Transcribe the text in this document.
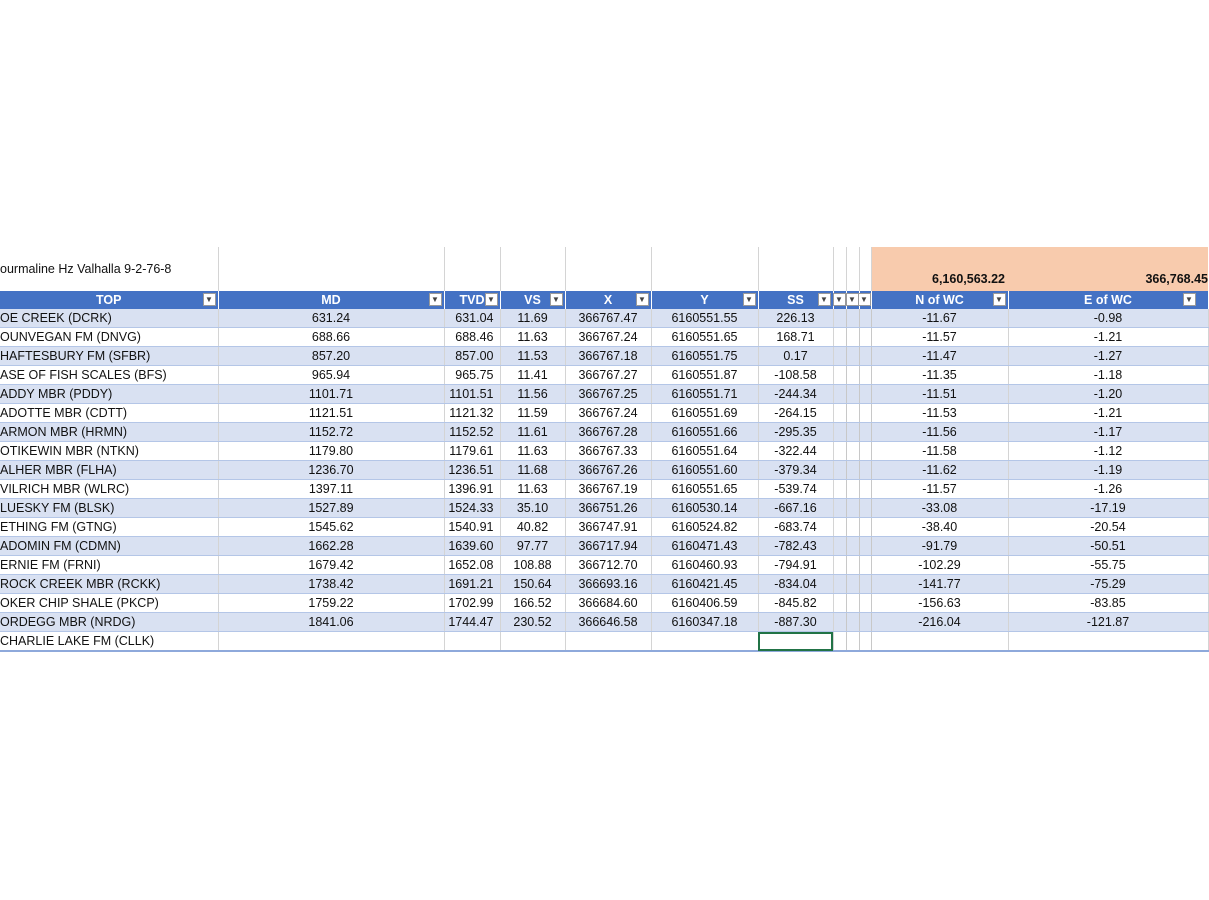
ourmaline Hz Valhalla 9-2-76-8										6,160,563.22	366,768.45
TOP ▼	MD ▼	TVD ▼	VS ▼	X ▼	Y ▼	SS ▼	▼	▼	▼	N of WC ▼	E of WC ▼

OE CREEK (DCRK)	631.24	631.04	11.69	366767.47	6160551.55	226.13				-11.67	-0.98
OUNVEGAN FM (DNVG)	688.66	688.46	11.63	366767.24	6160551.65	168.71				-11.57	-1.21
HAFTESBURY FM (SFBR)	857.20	857.00	11.53	366767.18	6160551.75	0.17				-11.47	-1.27
ASE OF FISH SCALES (BFS)	965.94	965.75	11.41	366767.27	6160551.87	-108.58				-11.35	-1.18
ADDY MBR (PDDY)	1101.71	1101.51	11.56	366767.25	6160551.71	-244.34				-11.51	-1.20
ADOTTE MBR (CDTT)	1121.51	1121.32	11.59	366767.24	6160551.69	-264.15				-11.53	-1.21
ARMON MBR (HRMN)	1152.72	1152.52	11.61	366767.28	6160551.66	-295.35				-11.56	-1.17
OTIKEWIN MBR (NTKN)	1179.80	1179.61	11.63	366767.33	6160551.64	-322.44				-11.58	-1.12
ALHER MBR (FLHA)	1236.70	1236.51	11.68	366767.26	6160551.60	-379.34				-11.62	-1.19
VILRICH MBR (WLRC)	1397.11	1396.91	11.63	366767.19	6160551.65	-539.74				-11.57	-1.26
LUESKY FM (BLSK)	1527.89	1524.33	35.10	366751.26	6160530.14	-667.16				-33.08	-17.19
ETHING FM (GTNG)	1545.62	1540.91	40.82	366747.91	6160524.82	-683.74				-38.40	-20.54
ADOMIN FM (CDMN)	1662.28	1639.60	97.77	366717.94	6160471.43	-782.43				-91.79	-50.51
ERNIE FM (FRNI)	1679.42	1652.08	108.88	366712.70	6160460.93	-794.91				-102.29	-55.75
ROCK CREEK MBR (RCKK)	1738.42	1691.21	150.64	366693.16	6160421.45	-834.04				-141.77	-75.29
OKER CHIP SHALE (PKCP)	1759.22	1702.99	166.52	366684.60	6160406.59	-845.82				-156.63	-83.85
ORDEGG MBR (NRDG)	1841.06	1744.47	230.52	366646.58	6160347.18	-887.30				-216.04	-121.87
CHARLIE LAKE FM (CLLK)											
